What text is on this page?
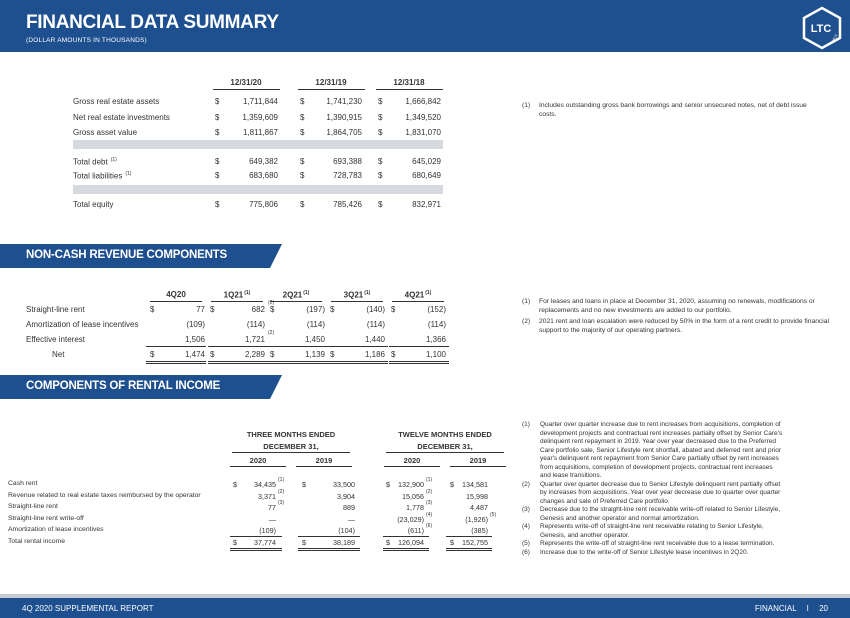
FINANCIAL DATA SUMMARY
(DOLLAR AMOUNTS IN THOUSANDS)
LTC
REIT
12/31/20	12/31/19	12/31/18
Gross real estate assets	$	1,711,844	$	1,741,230 $	1,666,842
Net real estate investments	$	1,359,609	$	1,390,915 $	1,349,520
Gross asset value	$	1,811,867	$	1,864,705 $	1,831,070
Total debt $^{(1)}$	$	649,382	$	693,388 $	645,029
Total liabilities $^{(1)}$	$	683,680	$	728,783 $	680,649
Total equity	$	775,806	$	785,426 $	832,971
(1) Includes outstanding gross bank borrowings and senior unsecured notes, net of debt issue costs.
NON-CASH REVENUE COMPONENTS
4Q20	1Q21$^{(1)}$	2Q21$^{(1)}$	3Q21$^{(1)}$	4Q21$^{(1)}$
Straight-line rent	$	77 $	682 $	(197) $	(140) $	(152)
Amortization of lease incentives	(109)	(114)	(114)	(114)	(114)
Effective interest	1,506	1,721	1,450	1,440	1,366
Net	$	1,474 $	2,289 $	1,139 $	1,186 $	1,100
(2)
(2)
(1) For leases and loans in place at December 31, 2020, assuming no renewals, modifications or replacements and no new investments are added to our portfolio.
(2) 2021 rent and loan escalation were reduced by 50% in the form of a rent credit to provide financial support to the majority of our operating partners.
COMPONENTS OF RENTAL INCOME
THREE MONTHS ENDED	TWELVE MONTHS ENDED
DECEMBER 31,	DECEMBER 31,
2020	2019	2020	2019
Cash rent	$	34,435 (1) $	33,500	$	132,900 (1) $	134,581
Revenue related to real estate taxes reimbursed by the operator	3,371 (2)	3,904	15,056 (2)	15,998
Straight-line rent	77 (3)	889	1,778 (3)	4,487
Straight-line rent write-off	—	—	(23,029) (4)	(1,926) (5)
Amortization of lease incentives	(109)	(104)	(611) (6)	(385)
Total rental income	$	37,774	$	38,189	$	126,094	$	152,755
(1) Quarter over quarter increase due to rent increases from acquisitions, completion of
development projects and contractual rent increases partially offset by Senior Care's
delinquent rent repayment in 2019. Year over year decreased due to the Preferred
Care portfolio sale, Senior Lifestyle rent shortfall, abated and deferred rent and prior
year's delinquent rent repayment from Senior Care partially offset by rent increases
from acquisitions, completion of development projects, contractual rent increases
and lease transitions.
(2) Quarter over quarter decrease due to Senior Lifestyle delinquent rent partially offset
by increases from acquisitions. Year over year decrease due to quarter over quarter
changes and sale of Preferred Care portfolio.
(3) Decrease due to the straight-line rent receivable write-off related to Senior Lifestyle,
Genesis and another operator and normal amortization.
(4) Represents write-off of straight-line rent receivable relating to Senior Lifestyle,
Genesis, and another operator.
(5) Represents the write-off of straight-line rent receivable due to a lease termination.
(6) Increase due to the write-off of Senior Lifestyle lease incentives in 2Q20.
4Q 2020 SUPPLEMENTAL REPORT	FINANCIAL I 20
